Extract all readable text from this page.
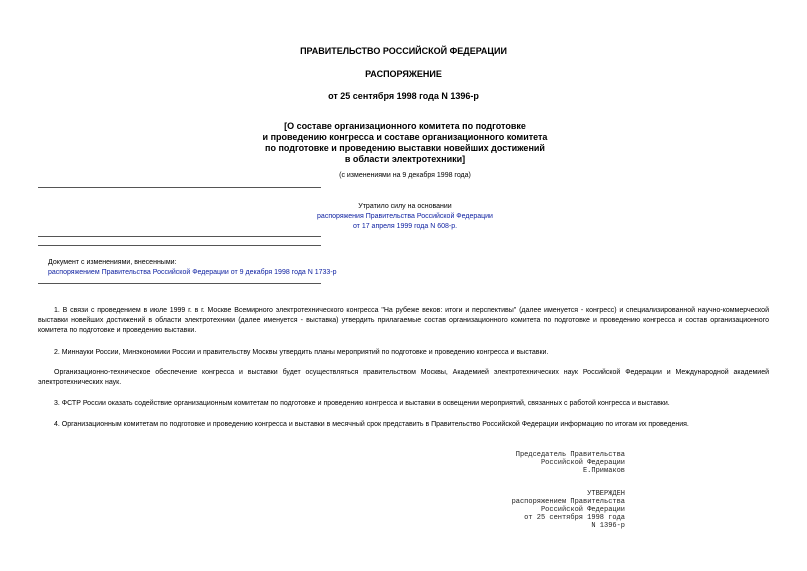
ПРАВИТЕЛЬСТВО РОССИЙСКОЙ ФЕДЕРАЦИИ
РАСПОРЯЖЕНИЕ
от 25 сентября 1998 года N 1396-р
[О составе организационного комитета по подготовке
и проведению конгресса и составе организационного комитета
по подготовке и проведению выставки новейших достижений
в области электротехники]
(с изменениями на 9 декабря 1998 года)
Утратило силу на основании
распоряжения Правительства Российской Федерации
от 17 апреля 1999 года N 608-р.
Документ с изменениями, внесенными:
распоряжением Правительства Российской Федерации от 9 декабря 1998 года N 1733-р
1. В связи с проведением в июле 1999 г. в г. Москве Всемирного электротехнического конгресса "На рубеже веков: итоги и перспективы" (далее именуется - конгресс) и специализированной научно-коммерческой выставки новейших достижений в области электротехники (далее именуется - выставка) утвердить прилагаемые состав организационного комитета по подготовке и проведению конгресса и состав организационного комитета по подготовке и проведению выставки.
2. Миннауки России, Минэкономики России и правительству Москвы утвердить планы мероприятий по подготовке и проведению конгресса и выставки.
Организационно-техническое обеспечение конгресса и выставки будет осуществляться правительством Москвы, Академией электротехнических наук Российской Федерации и Международной академией электротехнических наук.
3. ФСТР России оказать содействие организационным комитетам по подготовке и проведению конгресса и выставки в освещении мероприятий, связанных с работой конгресса и выставки.
4. Организационным комитетам по подготовке и проведению конгресса и выставки в месячный срок представить в Правительство Российской Федерации информацию по итогам их проведения.
Председатель Правительства
Российской Федерации
Е.Примаков
УТВЕРЖДЕН
распоряжением Правительства
Российской Федерации
от 25 сентября 1998 года
N 1396-р
